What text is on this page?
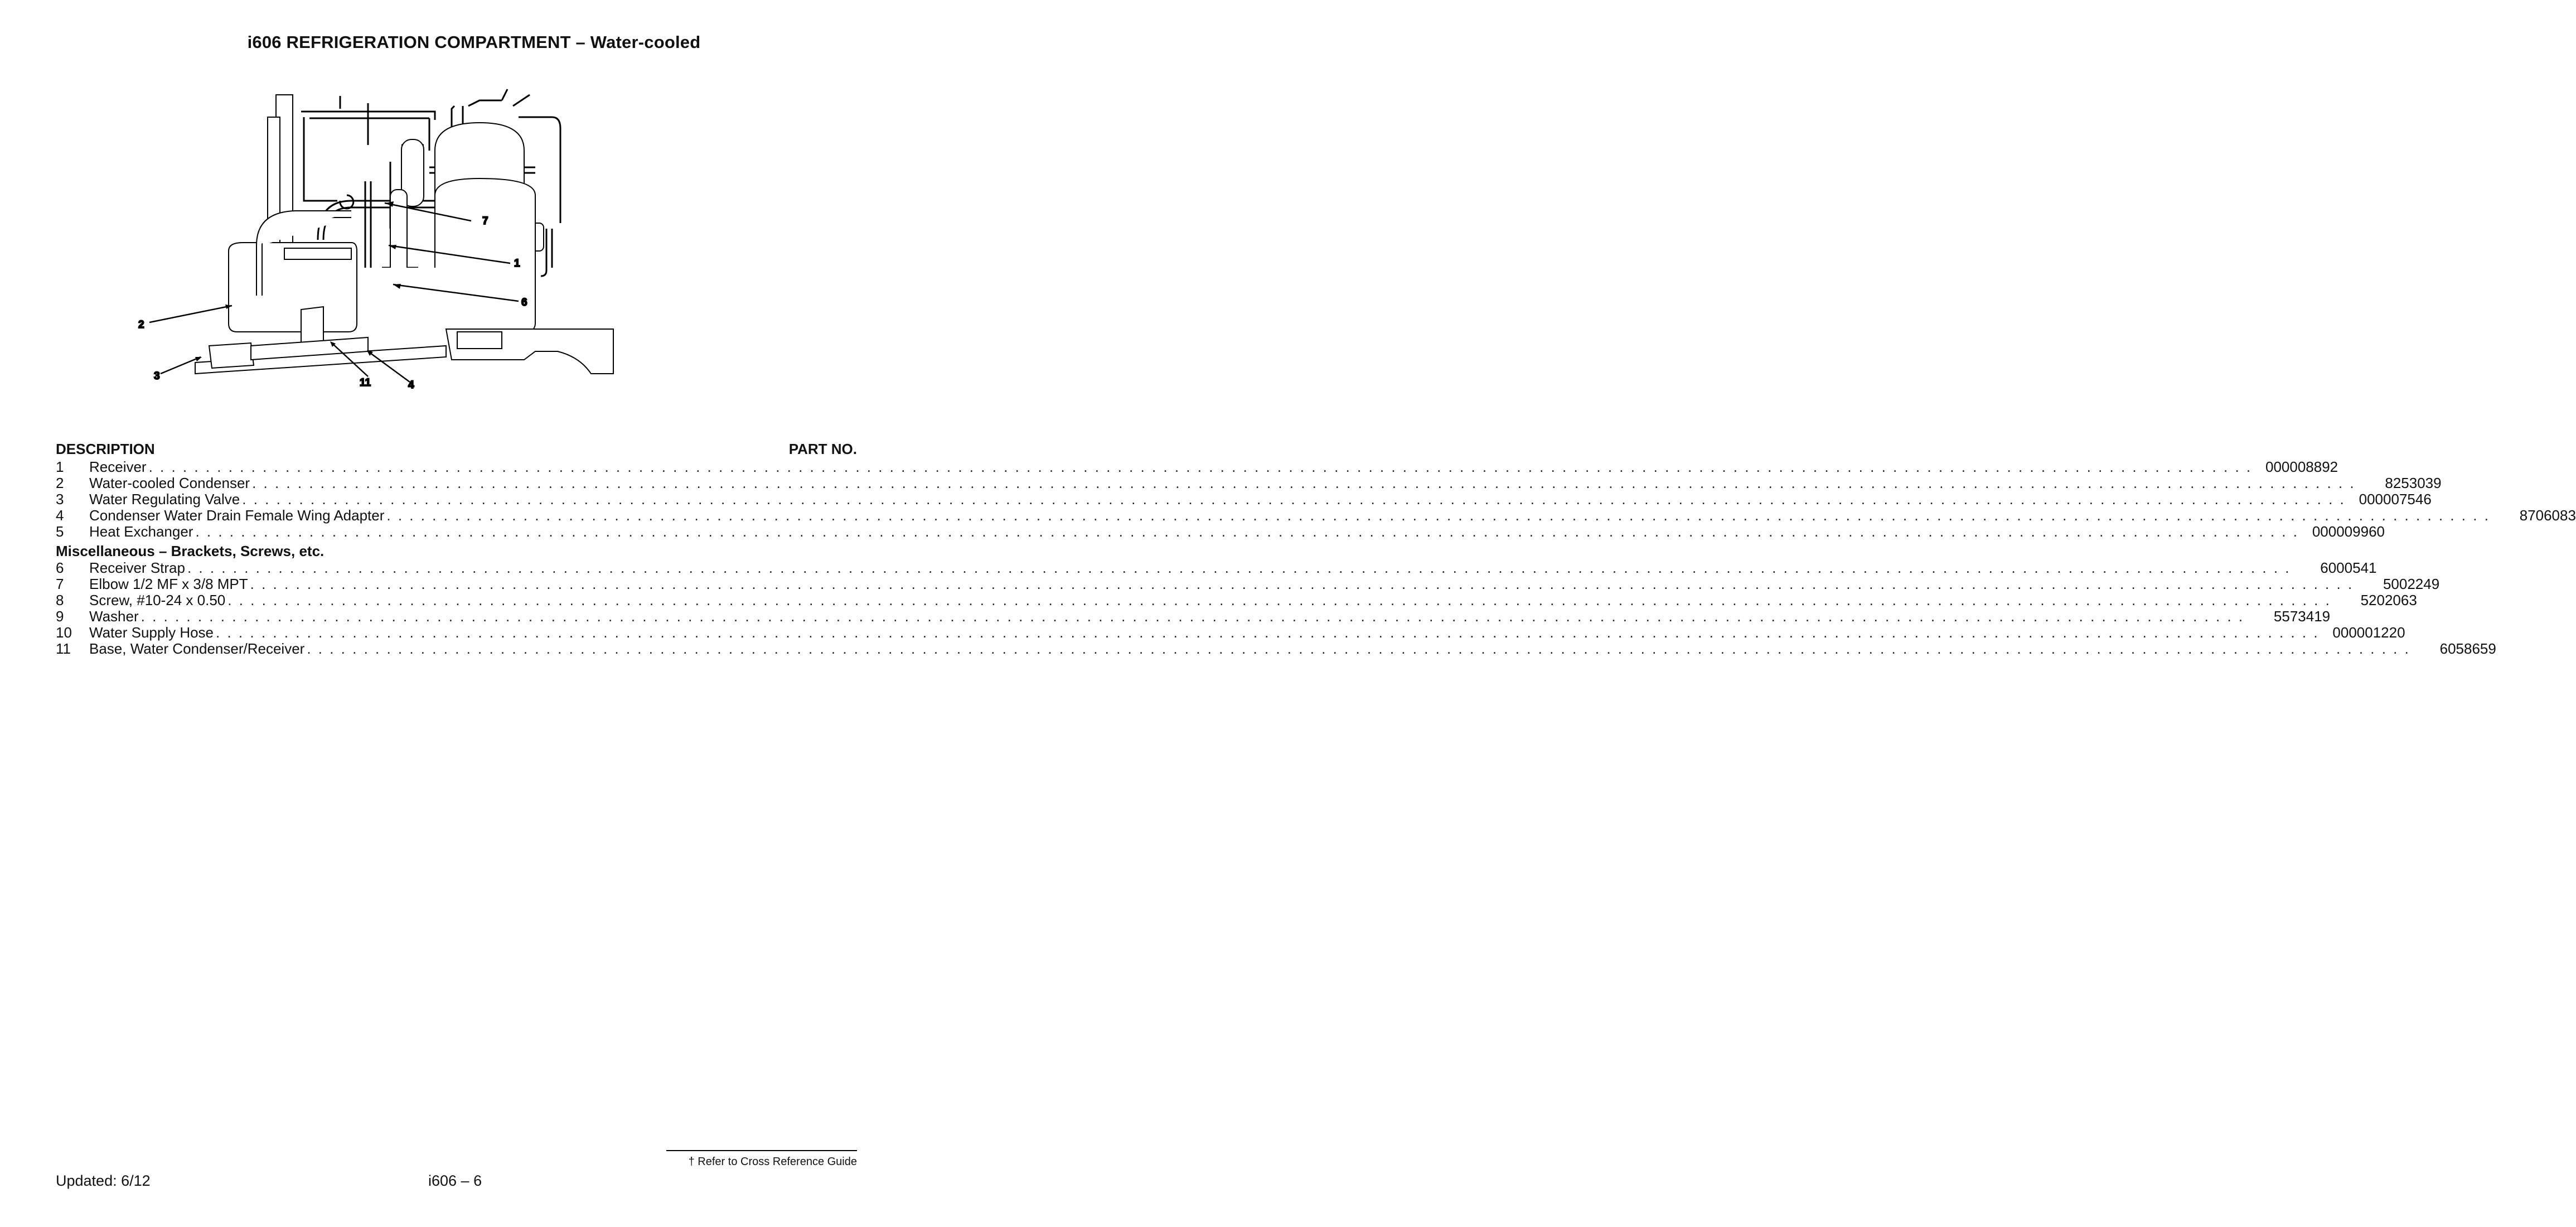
i606 REFRIGERATION COMPARTMENT – Water-cooled
7
1
6
2
3
11	4
DESCRIPTION	PART NO.
1	Receiver . . .	000008892
2	Water-cooled Condenser . . .	8253039
3	Water Regulating Valve . . .	000007546
4	Condenser Water Drain Female Wing Adapter . . .	8706083
5	Heat Exchanger . . .	000009960
Miscellaneous – Brackets, Screws, etc.
6	Receiver Strap . . .	6000541
7	Elbow 1/2 MF x 3/8 MPT . . .	5002249
8	Screw, #10-24 x 0.50 . . .	5202063
9	Washer . . .	5573419
10	Water Supply Hose . . .	000001220
11	Base, Water Condenser/Receiver . . .	6058659
† Refer to Cross Reference Guide
Updated: 6/12	i606 – 6
